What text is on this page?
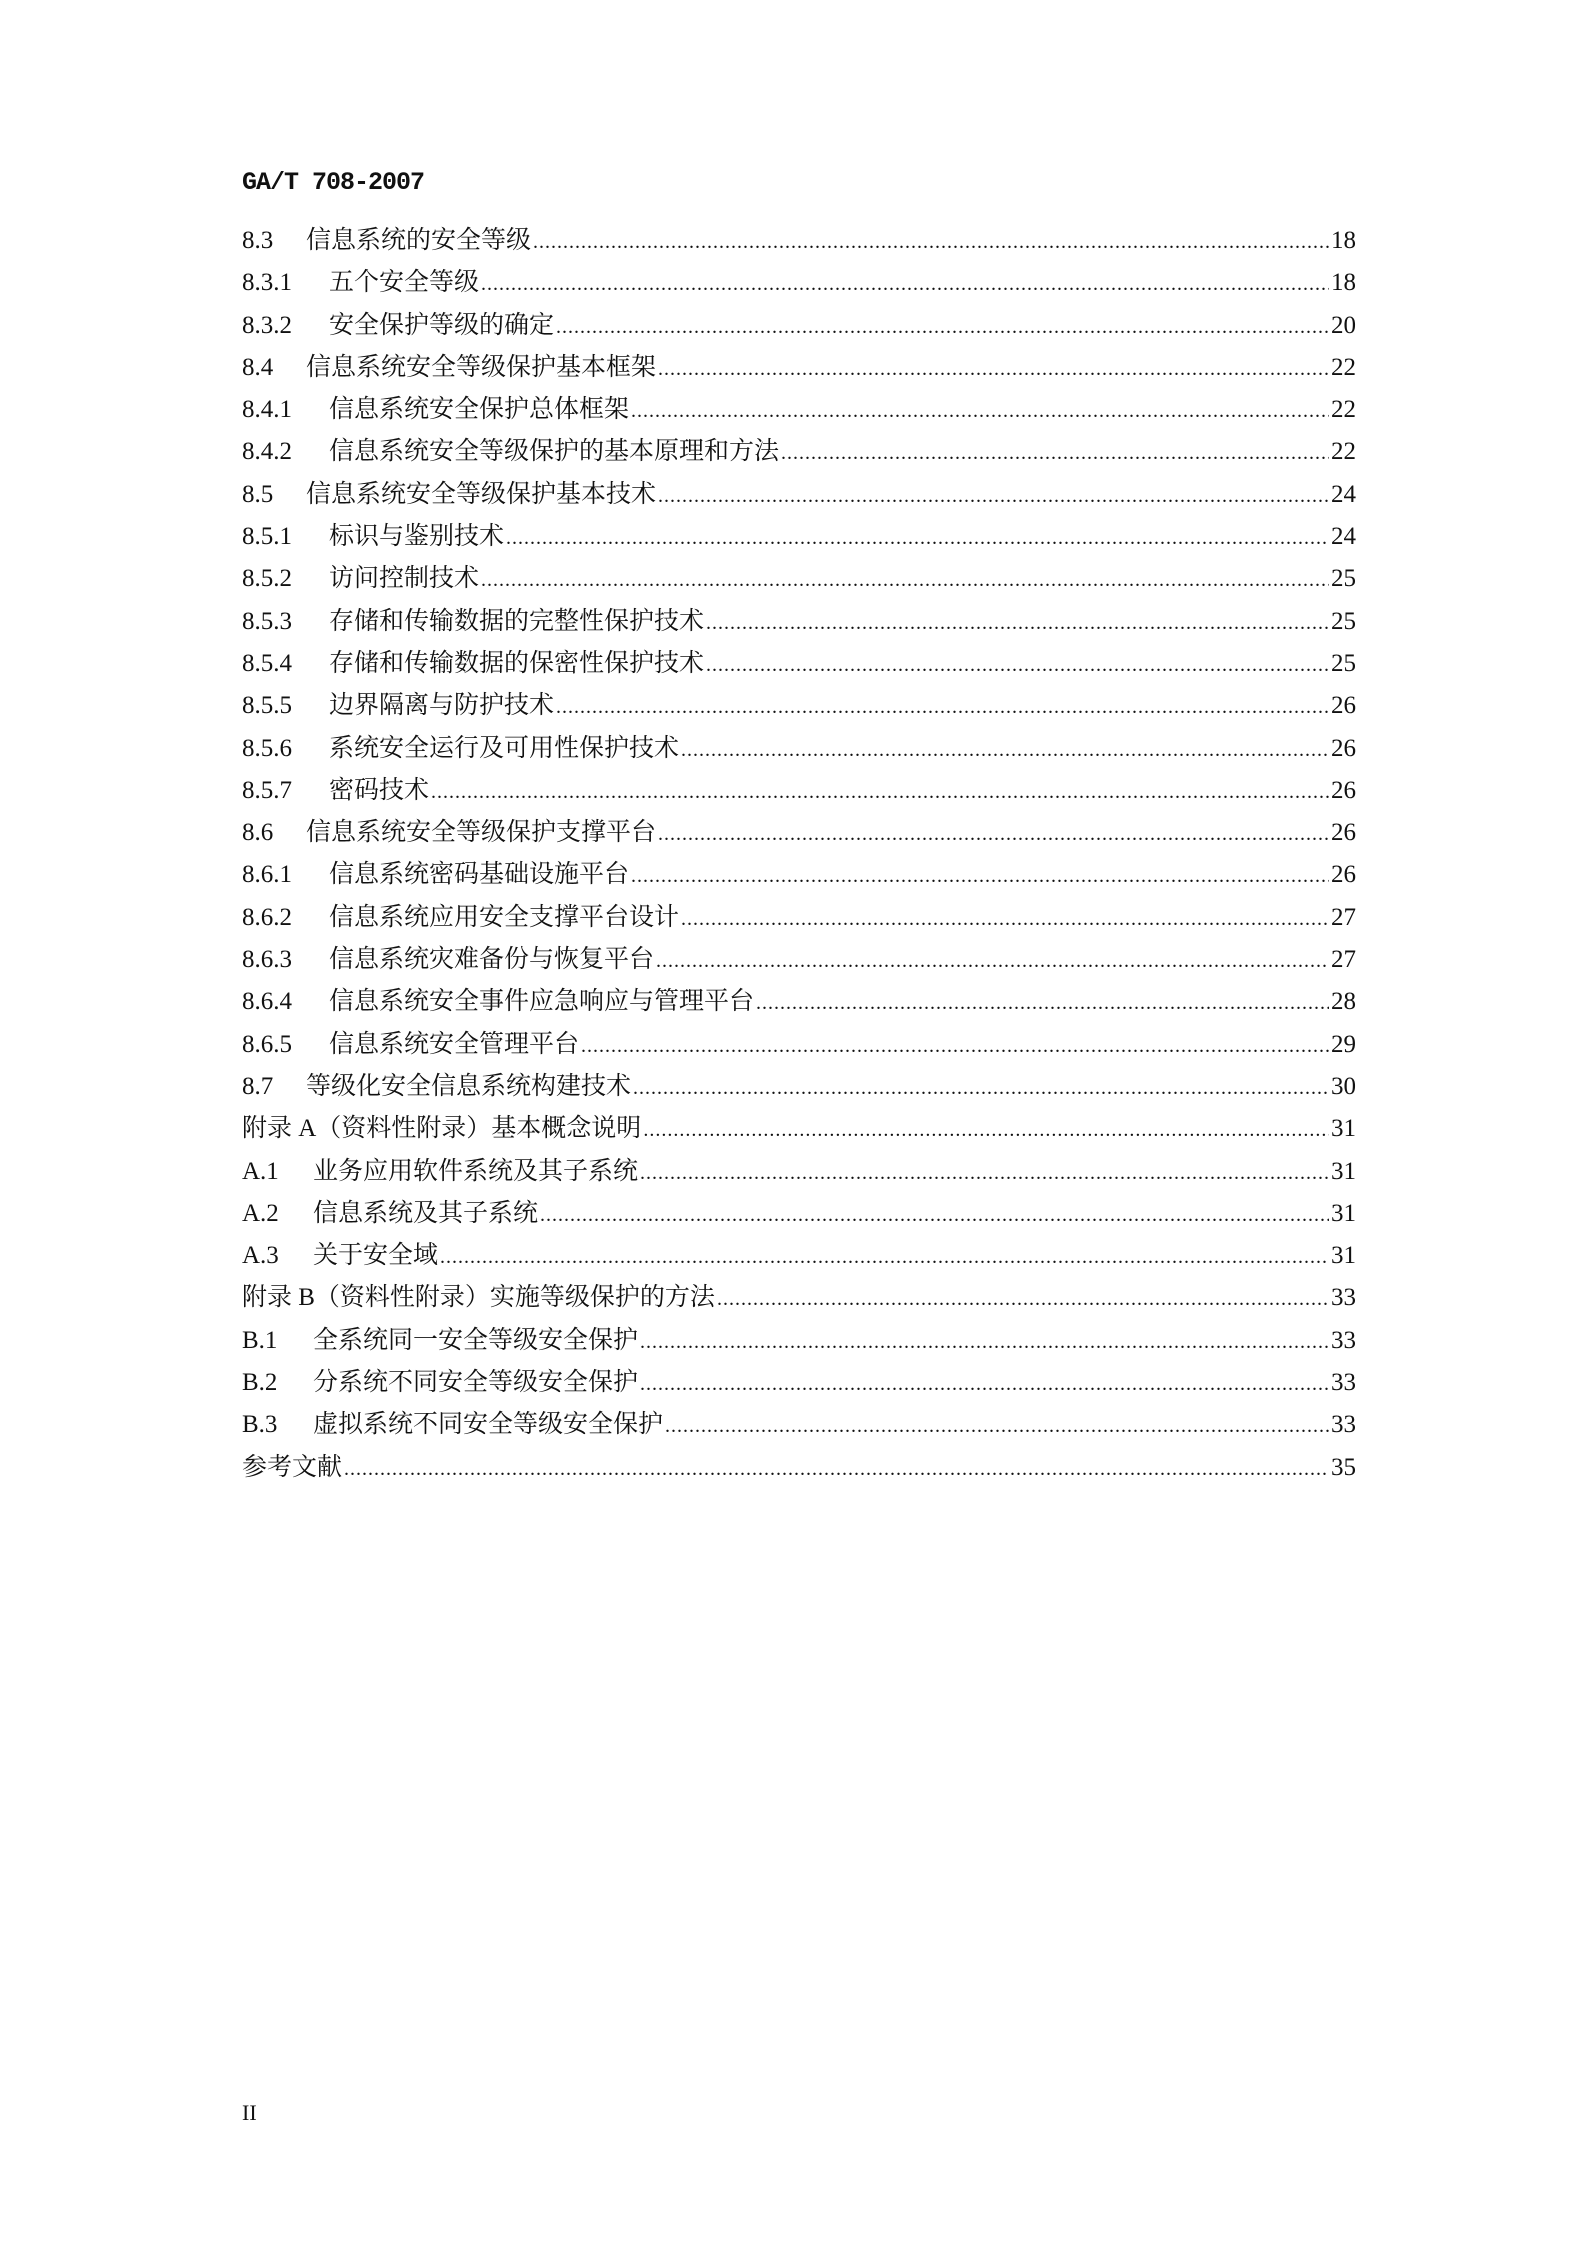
GA/T 708-2007
8.3	信息系统的安全等级 .....	18
8.3.1	五个安全等级 .....	18
8.3.2	安全保护等级的确定 .....	20
8.4	信息系统安全等级保护基本框架 .....	22
8.4.1	信息系统安全保护总体框架 .....	22
8.4.2	信息系统安全等级保护的基本原理和方法 .....	22
8.5	信息系统安全等级保护基本技术 .....	24
8.5.1	标识与鉴别技术 .....	24
8.5.2	访问控制技术 .....	25
8.5.3	存储和传输数据的完整性保护技术 .....	25
8.5.4	存储和传输数据的保密性保护技术 .....	25
8.5.5	边界隔离与防护技术 .....	26
8.5.6	系统安全运行及可用性保护技术 .....	26
8.5.7	密码技术 .....	26
8.6	信息系统安全等级保护支撑平台 .....	26
8.6.1	信息系统密码基础设施平台 .....	26
8.6.2	信息系统应用安全支撑平台设计 .....	27
8.6.3	信息系统灾难备份与恢复平台 .....	27
8.6.4	信息系统安全事件应急响应与管理平台 .....	28
8.6.5	信息系统安全管理平台 .....	29
8.7	等级化安全信息系统构建技术 .....	30
附录 A（资料性附录）基本概念说明 .....	31
A.1	业务应用软件系统及其子系统 .....	31
A.2	信息系统及其子系统 .....	31
A.3	关于安全域 .....	31
附录 B（资料性附录）实施等级保护的方法 .....	33
B.1	全系统同一安全等级安全保护 .....	33
B.2	分系统不同安全等级安全保护 .....	33
B.3	虚拟系统不同安全等级安全保护 .....	33
参考文献 .....	35
II
